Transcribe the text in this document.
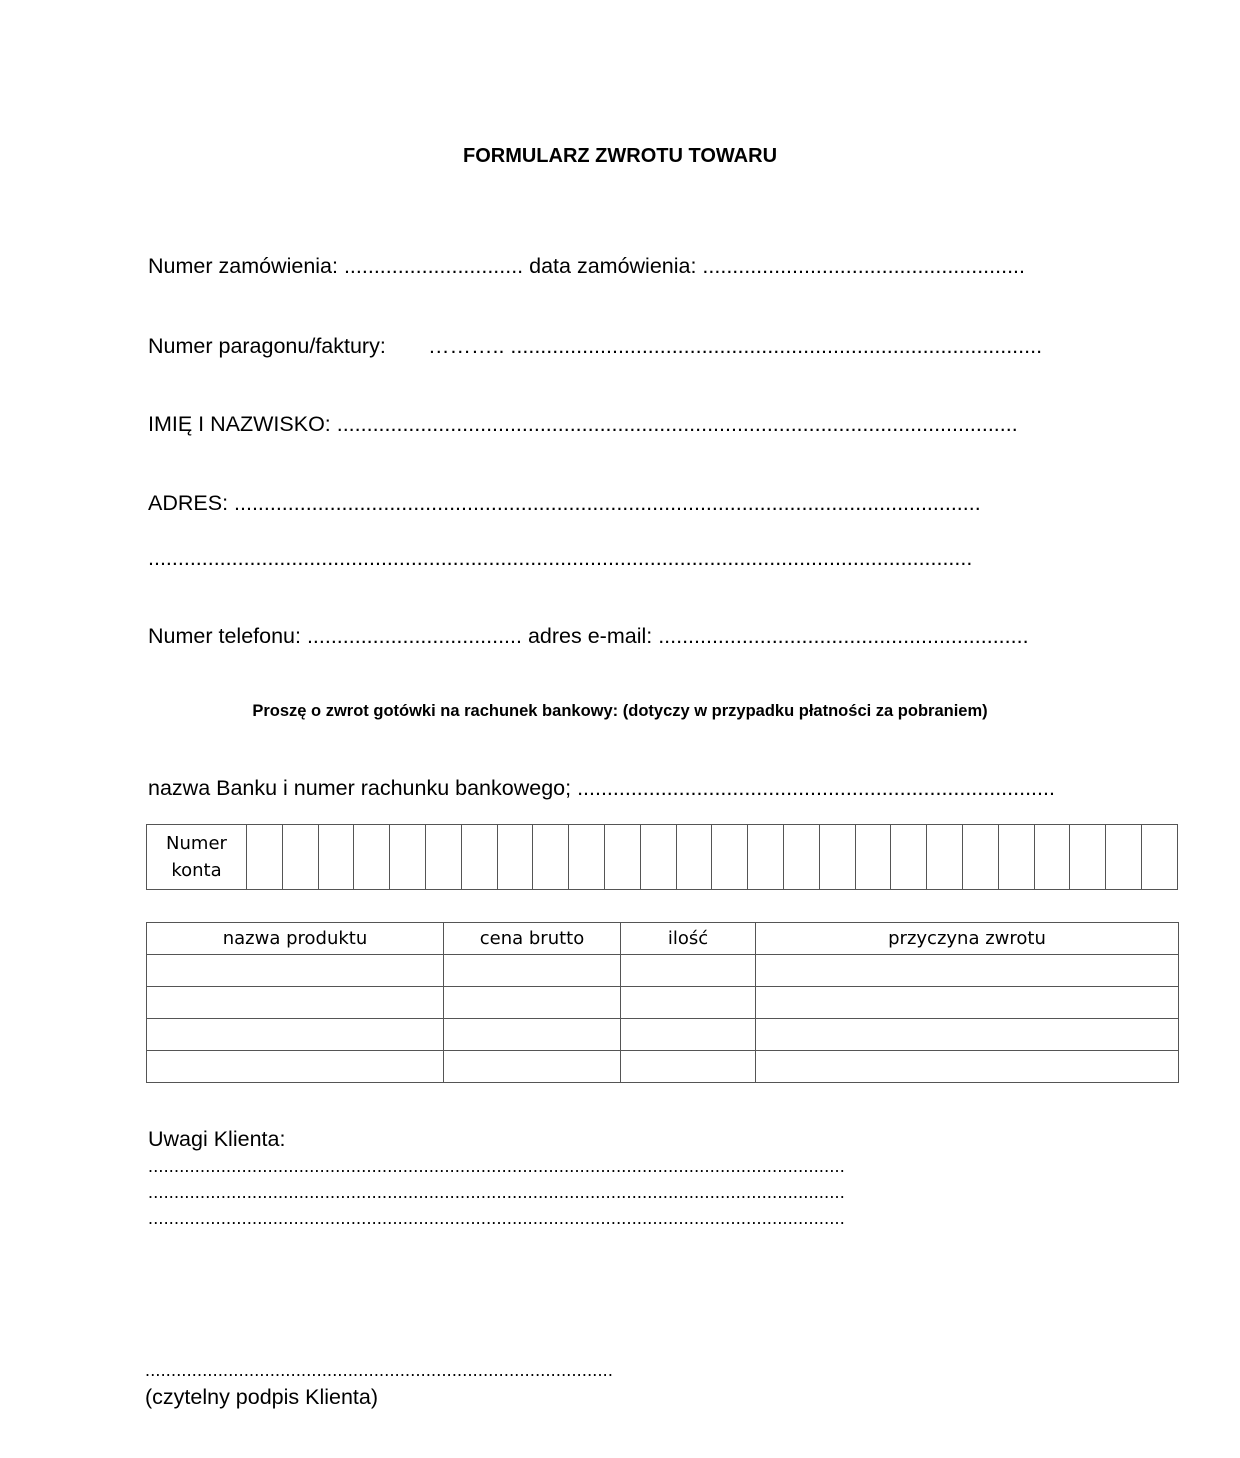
FORMULARZ ZWROTU TOWARU
Numer zamówienia: .............................. data zamówienia: ......................................................
Numer paragonu/faktury: ……….. .........................................................................................
IMIĘ I NAZWISKO: ..................................................................................................................
ADRES: .............................................................................................................................
..........................................................................................................................................
Numer telefonu: .................................... adres e-mail: ..............................................................
Proszę o zwrot gotówki na rachunek bankowy: (dotyczy w przypadku płatności za pobraniem)
nazwa Banku i numer rachunku bankowego; ................................................................................
Numer
konta																										
nazwa produktu	cena brutto	ilość	przyczyna zwrotu

Uwagi Klienta:
......................................................................................................................................
......................................................................................................................................
......................................................................................................................................
..........................................................................................
(czytelny podpis Klienta)
